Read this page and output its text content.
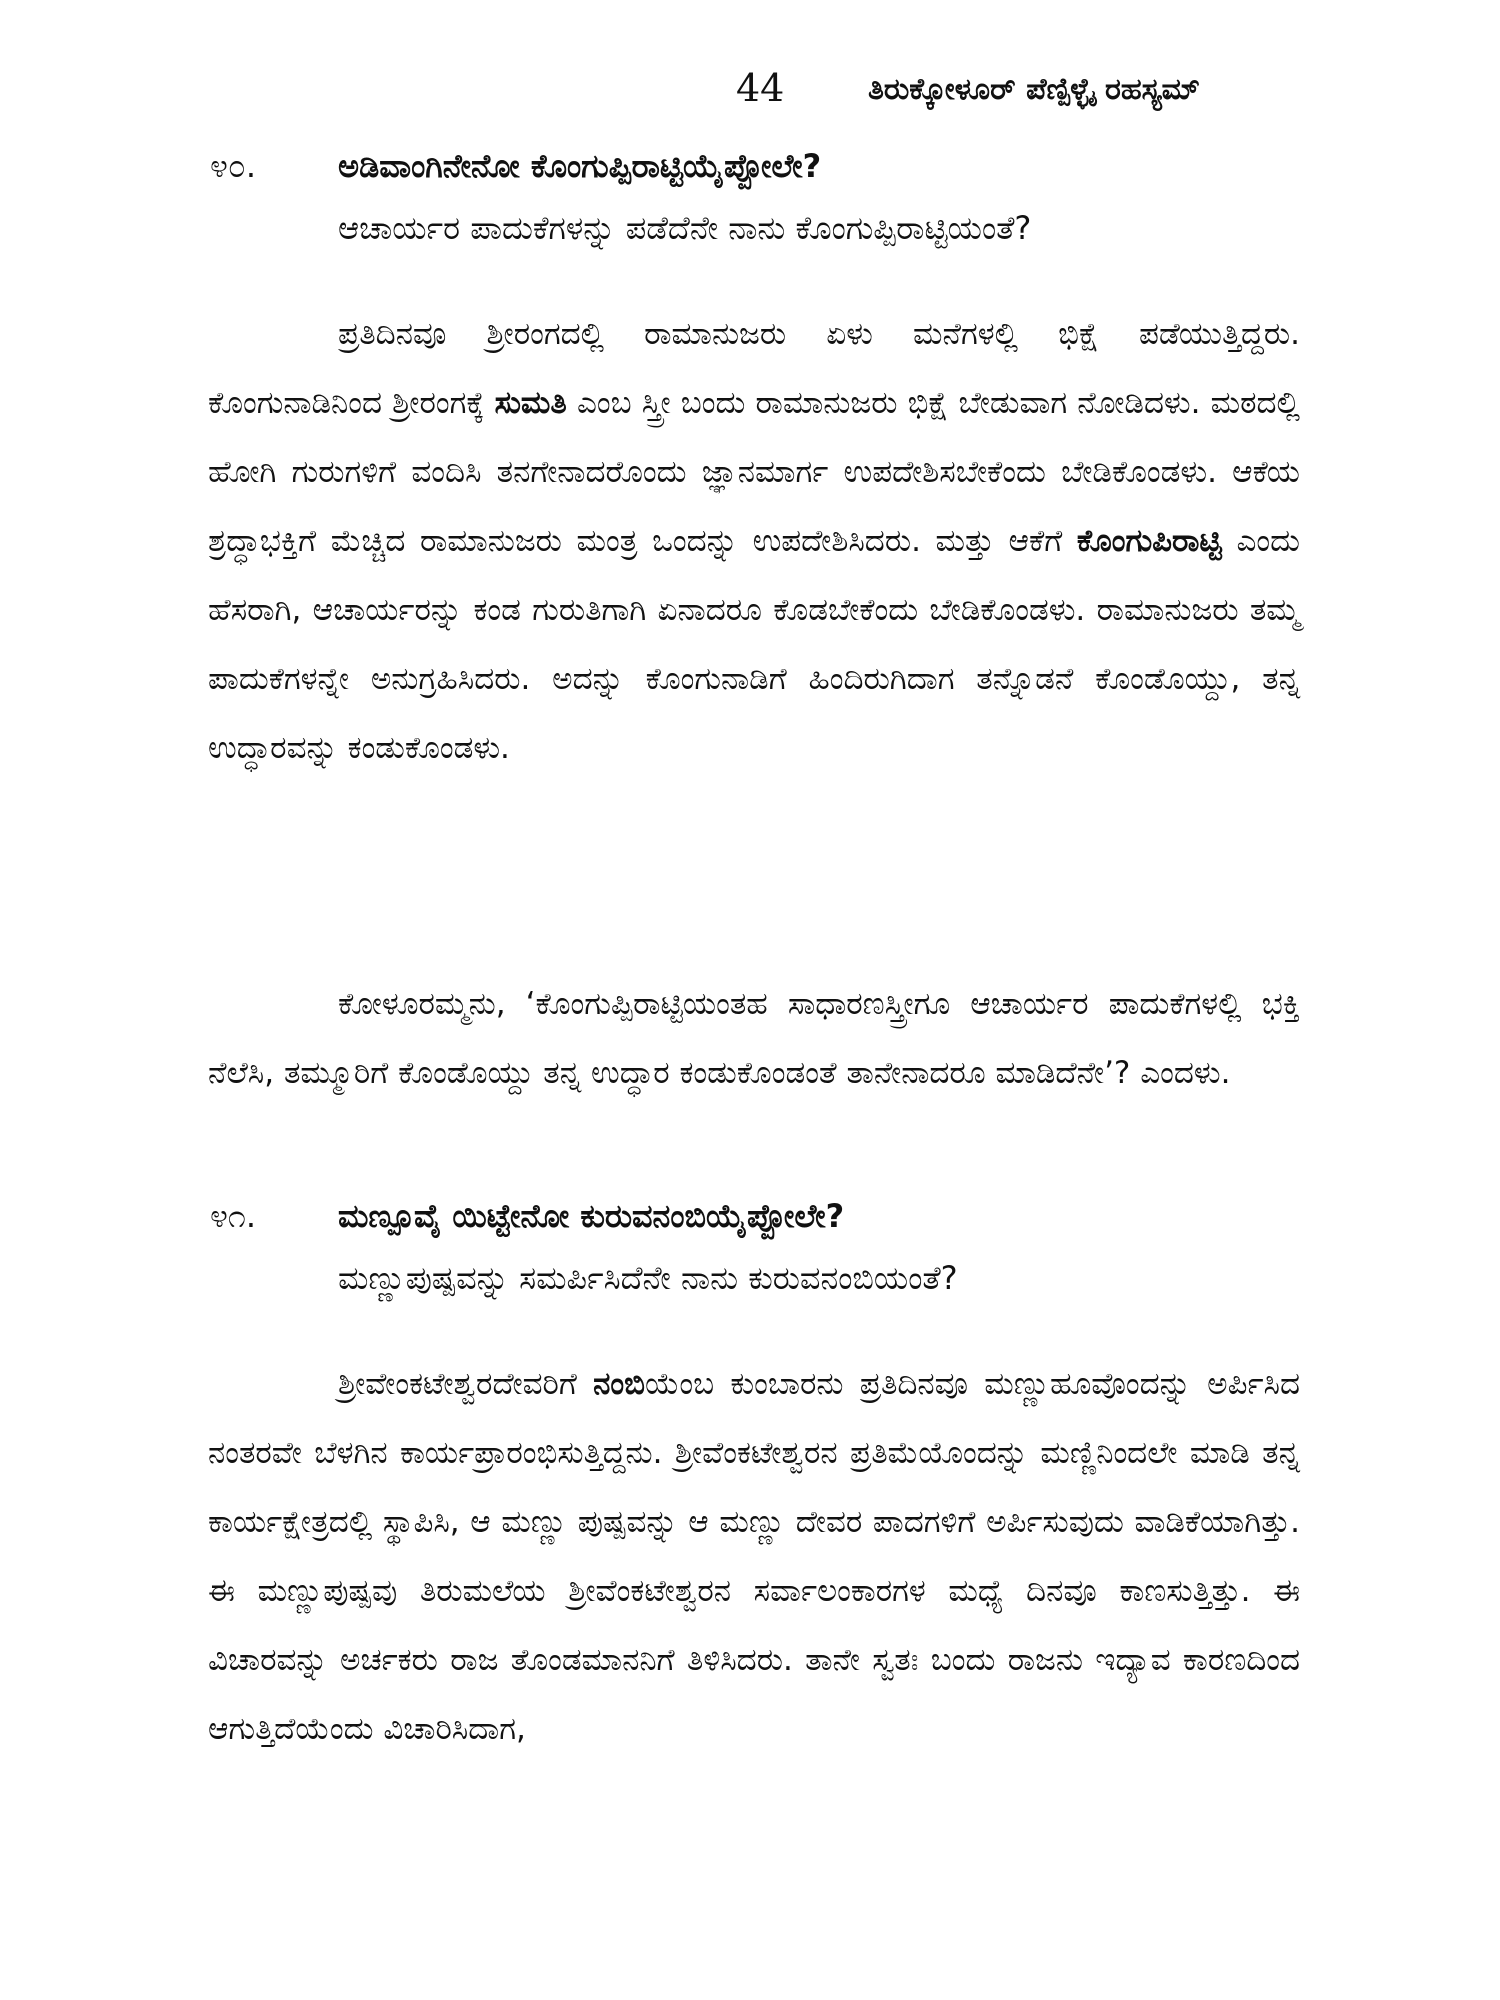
44	ತಿರುಕ್ಕೋಳೂರ್ ಪೆಣ್ಪಿಳ್ಳೈ ರಹಸ್ಯಮ್
೪೦.	ಅಡಿವಾಂಗಿನೇನೋ ಕೊಂಗುಪ್ಪಿರಾಟ್ಟಿಯೈಪ್ಪೋಲೇ?
ಆಚಾರ್ಯರ ಪಾದುಕೆಗಳನ್ನು ಪಡೆದೆನೇ ನಾನು ಕೊಂಗುಪ್ಪಿರಾಟ್ಟಿಯಂತೆ?

ಪ್ರತಿದಿನವೂ ಶ್ರೀರಂಗದಲ್ಲಿ ರಾಮಾನುಜರು ಏಳು ಮನೆಗಳಲ್ಲಿ ಭಿಕ್ಷೆ ಪಡೆಯುತ್ತಿದ್ದರು. ಕೊಂಗುನಾಡಿನಿಂದ ಶ್ರೀರಂಗಕ್ಕೆ ಸುಮತಿ ಎಂಬ ಸ್ತ್ರೀ ಬಂದು ರಾಮಾನುಜರು ಭಿಕ್ಷೆ ಬೇಡುವಾಗ ನೋಡಿದಳು. ಮಠದಲ್ಲಿ ಹೋಗಿ ಗುರುಗಳಿಗೆ ವಂದಿಸಿ ತನಗೇನಾದರೊಂದು ಜ್ಞಾನಮಾರ್ಗ ಉಪದೇಶಿಸಬೇಕೆಂದು ಬೇಡಿಕೊಂಡಳು. ಆಕೆಯ ಶ್ರದ್ಧಾಭಕ್ತಿಗೆ ಮೆಚ್ಚಿದ ರಾಮಾನುಜರು ಮಂತ್ರ ಒಂದನ್ನು ಉಪದೇಶಿಸಿದರು. ಮತ್ತು ಆಕೆಗೆ ಕೊಂಗುಪಿರಾಟ್ಟಿ ಎಂದು ಹೆಸರಾಗಿ, ಆಚಾರ್ಯರನ್ನು ಕಂಡ ಗುರುತಿಗಾಗಿ ಏನಾದರೂ ಕೊಡಬೇಕೆಂದು ಬೇಡಿಕೊಂಡಳು. ರಾಮಾನುಜರು ತಮ್ಮ ಪಾದುಕೆಗಳನ್ನೇ ಅನುಗ್ರಹಿಸಿದರು. ಅದನ್ನು ಕೊಂಗುನಾಡಿಗೆ ಹಿಂದಿರುಗಿದಾಗ ತನ್ನೊಡನೆ ಕೊಂಡೊಯ್ದು, ತನ್ನ ಉದ್ಧಾರವನ್ನು ಕಂಡುಕೊಂಡಳು.

ಕೋಳೂರಮ್ಮನು, ‘ಕೊಂಗುಪ್ಪಿರಾಟ್ಟಿಯಂತಹ ಸಾಧಾರಣಸ್ತ್ರೀಗೂ ಆಚಾರ್ಯರ ಪಾದುಕೆಗಳಲ್ಲಿ ಭಕ್ತಿ ನೆಲೆಸಿ, ತಮ್ಮೂರಿಗೆ ಕೊಂಡೊಯ್ದು ತನ್ನ ಉದ್ಧಾರ ಕಂಡುಕೊಂಡಂತೆ ತಾನೇನಾದರೂ ಮಾಡಿದೆನೇ’? ಎಂದಳು.

೪೧.	ಮಣ್ಪೂವೈ ಯಿಟ್ಟೇನೋ ಕುರುವನಂಬಿಯೈಪ್ಪೋಲೇ?
ಮಣ್ಣುಪುಷ್ಪವನ್ನು ಸಮರ್ಪಿಸಿದೆನೇ ನಾನು ಕುರುವನಂಬಿಯಂತೆ?

ಶ್ರೀವೇಂಕಟೇಶ್ವರದೇವರಿಗೆ ನಂಬಿಯೆಂಬ ಕುಂಬಾರನು ಪ್ರತಿದಿನವೂ ಮಣ್ಣುಹೂವೊಂದನ್ನು ಅರ್ಪಿಸಿದ ನಂತರವೇ ಬೆಳಗಿನ ಕಾರ್ಯಪ್ರಾರಂಭಿಸುತ್ತಿದ್ದನು. ಶ್ರೀವೆಂಕಟೇಶ್ವರನ ಪ್ರತಿಮೆಯೊಂದನ್ನು ಮಣ್ಣಿನಿಂದಲೇ ಮಾಡಿ ತನ್ನ ಕಾರ್ಯಕ್ಷೇತ್ರದಲ್ಲಿ ಸ್ಥಾಪಿಸಿ, ಆ ಮಣ್ಣು ಪುಷ್ಪವನ್ನು ಆ ಮಣ್ಣು ದೇವರ ಪಾದಗಳಿಗೆ ಅರ್ಪಿಸುವುದು ವಾಡಿಕೆಯಾಗಿತ್ತು. ಈ ಮಣ್ಣುಪುಷ್ಪವು ತಿರುಮಲೆಯ ಶ್ರೀವೆಂಕಟೇಶ್ವರನ ಸರ್ವಾಲಂಕಾರಗಳ ಮಧ್ಯೆ ದಿನವೂ ಕಾಣಸುತ್ತಿತ್ತು. ಈ ವಿಚಾರವನ್ನು ಅರ್ಚಕರು ರಾಜ ತೊಂಡಮಾನನಿಗೆ ತಿಳಿಸಿದರು. ತಾನೇ ಸ್ವತಃ ಬಂದು ರಾಜನು ಇದ್ಯಾವ ಕಾರಣದಿಂದ ಆಗುತ್ತಿದೆಯೆಂದು ವಿಚಾರಿಸಿದಾಗ,
